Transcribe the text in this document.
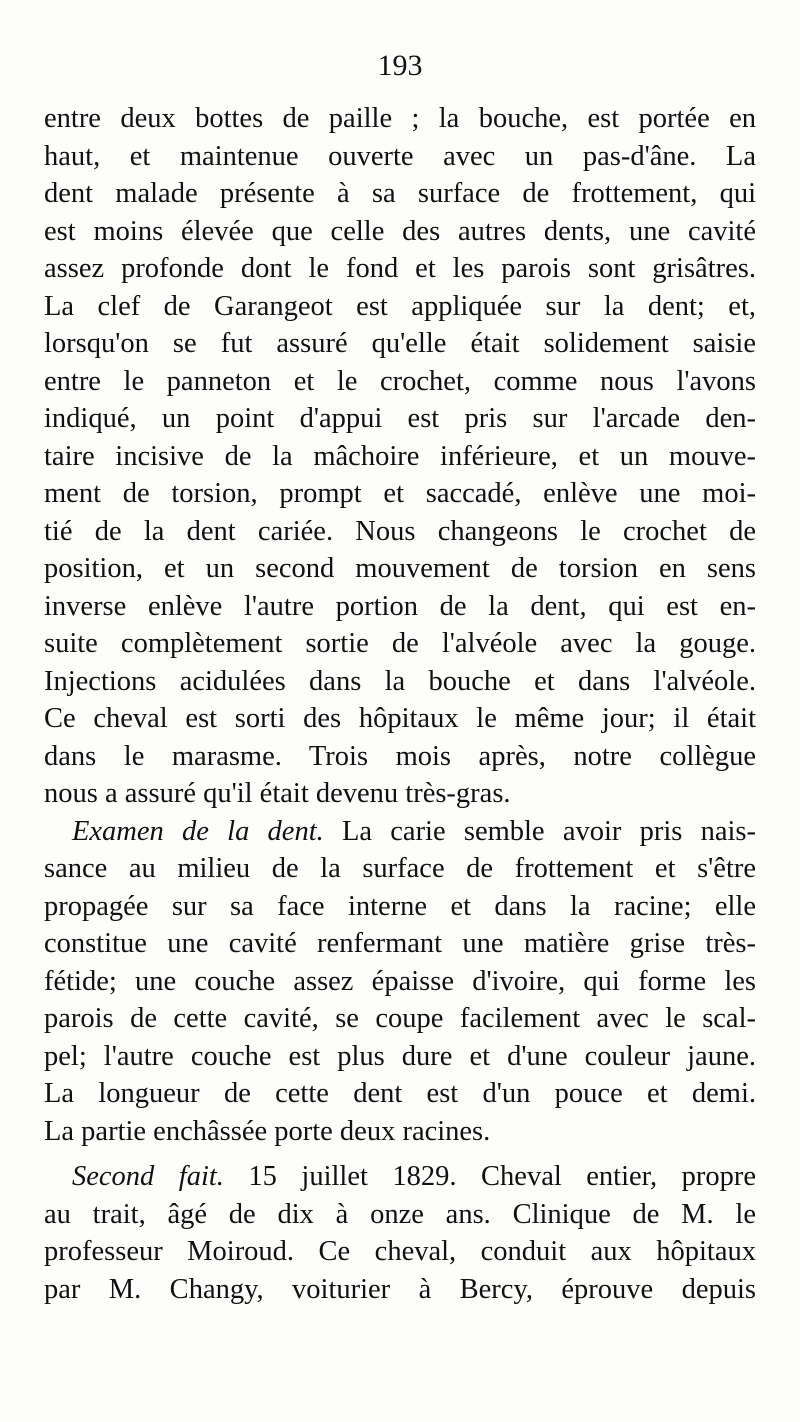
193
entre deux bottes de paille ; la bouche, est portée en
haut, et maintenue ouverte avec un pas-d'âne. La
dent malade présente à sa surface de frottement, qui
est moins élevée que celle des autres dents, une cavité
assez profonde dont le fond et les parois sont grisâtres.
La clef de Garangeot est appliquée sur la dent; et,
lorsqu'on se fut assuré qu'elle était solidement saisie
entre le panneton et le crochet, comme nous l'avons
indiqué, un point d'appui est pris sur l'arcade den-
taire incisive de la mâchoire inférieure, et un mouve-
ment de torsion, prompt et saccadé, enlève une moi-
tié de la dent cariée. Nous changeons le crochet de
position, et un second mouvement de torsion en sens
inverse enlève l'autre portion de la dent, qui est en-
suite complètement sortie de l'alvéole avec la gouge.
Injections acidulées dans la bouche et dans l'alvéole.
Ce cheval est sorti des hôpitaux le même jour; il était
dans le marasme. Trois mois après, notre collègue
nous a assuré qu'il était devenu très-gras.
Examen de la dent. La carie semble avoir pris nais-
sance au milieu de la surface de frottement et s'être
propagée sur sa face interne et dans la racine; elle
constitue une cavité renfermant une matière grise très-
fétide; une couche assez épaisse d'ivoire, qui forme les
parois de cette cavité, se coupe facilement avec le scal-
pel; l'autre couche est plus dure et d'une couleur jaune.
La longueur de cette dent est d'un pouce et demi.
La partie enchâssée porte deux racines.
Second fait. 15 juillet 1829. Cheval entier, propre
au trait, âgé de dix à onze ans. Clinique de M. le
professeur Moiroud. Ce cheval, conduit aux hôpitaux
par M. Changy, voiturier à Bercy, éprouve depuis
